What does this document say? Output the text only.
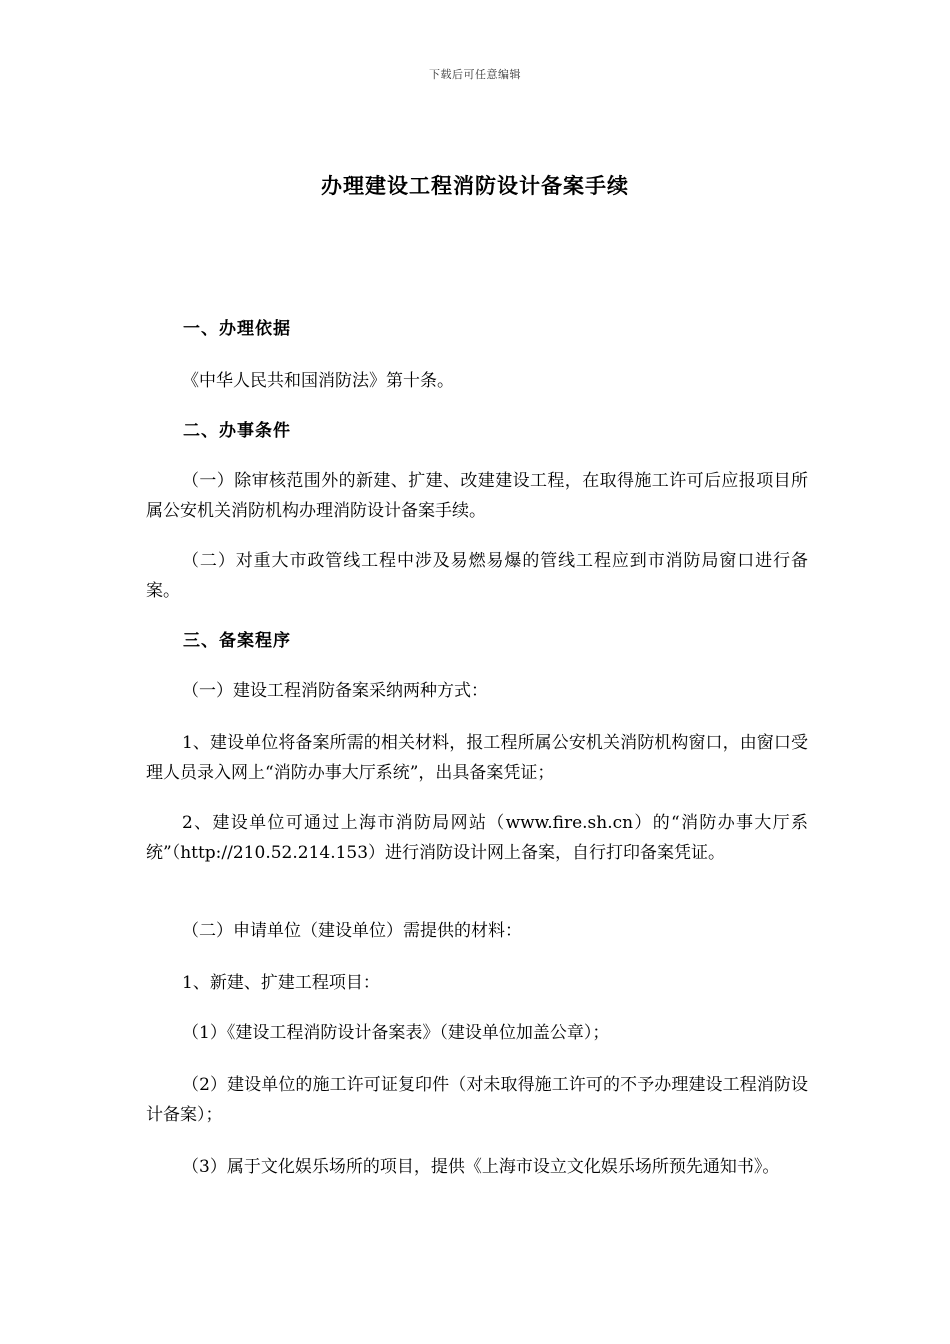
下载后可任意编辑
办理建设工程消防设计备案手续
一、办理依据
《中华人民共和国消防法》第十条。
二、办事条件
（一）除审核范围外的新建、扩建、改建建设工程，在取得施工许可后应报项目所属公安机关消防机构办理消防设计备案手续。
（二）对重大市政管线工程中涉及易燃易爆的管线工程应到市消防局窗口进行备案。
三、备案程序
（一）建设工程消防备案采纳两种方式：
1、建设单位将备案所需的相关材料，报工程所属公安机关消防机构窗口，由窗口受理人员录入网上“消防办事大厅系统”，出具备案凭证；
2、建设单位可通过上海市消防局网站（www.fire.sh.cn）的“消防办事大厅系统”（http://210.52.214.153）进行消防设计网上备案，自行打印备案凭证。
（二）申请单位（建设单位）需提供的材料：
1、新建、扩建工程项目：
（1）《建设工程消防设计备案表》（建设单位加盖公章）；
（2）建设单位的施工许可证复印件（对未取得施工许可的不予办理建设工程消防设计备案）；
（3）属于文化娱乐场所的项目，提供《上海市设立文化娱乐场所预先通知书》。
